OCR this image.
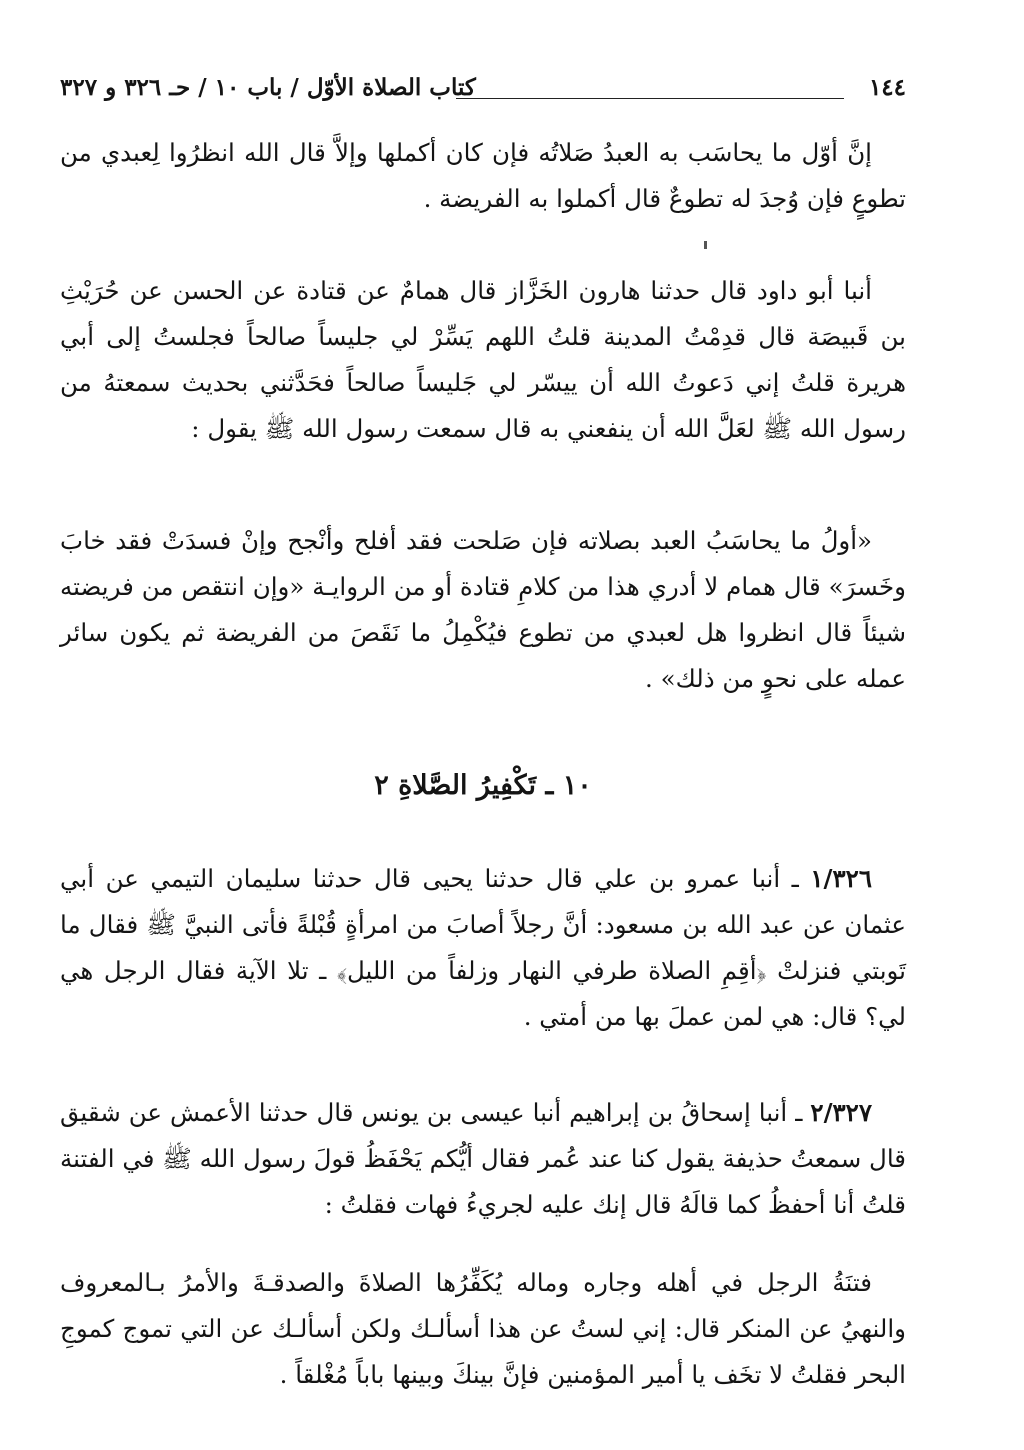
١٤٤
كتاب الصلاة الأوّل / باب ١٠ / حـ ٣٢٦ و ٣٢٧

إنَّ أوّل ما يحاسَب به العبدُ صَلاتُه فإن كان أكملها وإلاَّ قال الله انظرُوا لِعبدي من تطوعٍ فإن وُجدَ له تطوعٌ قال أكملوا به الفريضة .

أنبا أبو داود قال حدثنا هارون الخَزَّاز قال همامٌ عن قتادة عن الحسن عن حُرَيْثِ بن قَبيصَة قال قدِمْتُ المدينة قلتُ اللهم يَسِّرْ لي جليساً صالحاً فجلستُ إلى أبي هريرة قلتُ إني دَعوتُ الله أن ييسّر لي جَليساً صالحاً فحَدَّثني بحديث سمعتهُ من رسول الله ﷺ لعَلَّ الله أن ينفعني به قال سمعت رسول الله ﷺ يقول :

«أولُ ما يحاسَبُ العبد بصلاته فإن صَلحت فقد أفلح وأنْجح وإنْ فسدَتْ فقد خابَ وخَسرَ» قال همام لا أدري هذا من كلامِ قتادة أو من الروايـة «وإن انتقص من فريضته شيئاً قال انظروا هل لعبدي من تطوع فيُكْمِلُ ما نَقَصَ من الفريضة ثم يكون سائر عمله على نحوٍ من ذلك» .

١٠ ـ تَكْفِيرُ الصَّلاةِ ٢

١/٣٢٦ ـ أنبا عمرو بن علي قال حدثنا يحيى قال حدثنا سليمان التيمي عن أبي عثمان عن عبد الله بن مسعود: أنَّ رجلاً أصابَ من امرأةٍ قُبْلةً فأتى النبيَّ ﷺ فقال ما تَوبتي فنزلتْ ﴿أقِمِ الصلاة طرفي النهار وزلفاً من الليل﴾ ـ تلا الآية فقال الرجل هي لي؟ قال: هي لمن عملَ بها من أمتي .

٢/٣٢٧ ـ أنبا إسحاقُ بن إبراهيم أنبا عيسى بن يونس قال حدثنا الأعمش عن شقيق قال سمعتُ حذيفة يقول كنا عند عُمر فقال أيُّكم يَحْفَظُ قولَ رسول الله ﷺ في الفتنة قلتُ أنا أحفظُ كما قالَهُ قال إنك عليه لجريءُ فهات فقلتُ :

فتنَةُ الرجل في أهله وجاره وماله يُكَفِّرُها الصلاةَ والصدقـةَ والأمرُ بـالمعروف والنهيُ عن المنكر قال: إني لستُ عن هذا أسألـك ولكن أسألـك عن التي تموج كموجِ البحر فقلتُ لا تخَف يا أمير المؤمنين فإنَّ بينكَ وبينها باباً مُغْلقاً .
